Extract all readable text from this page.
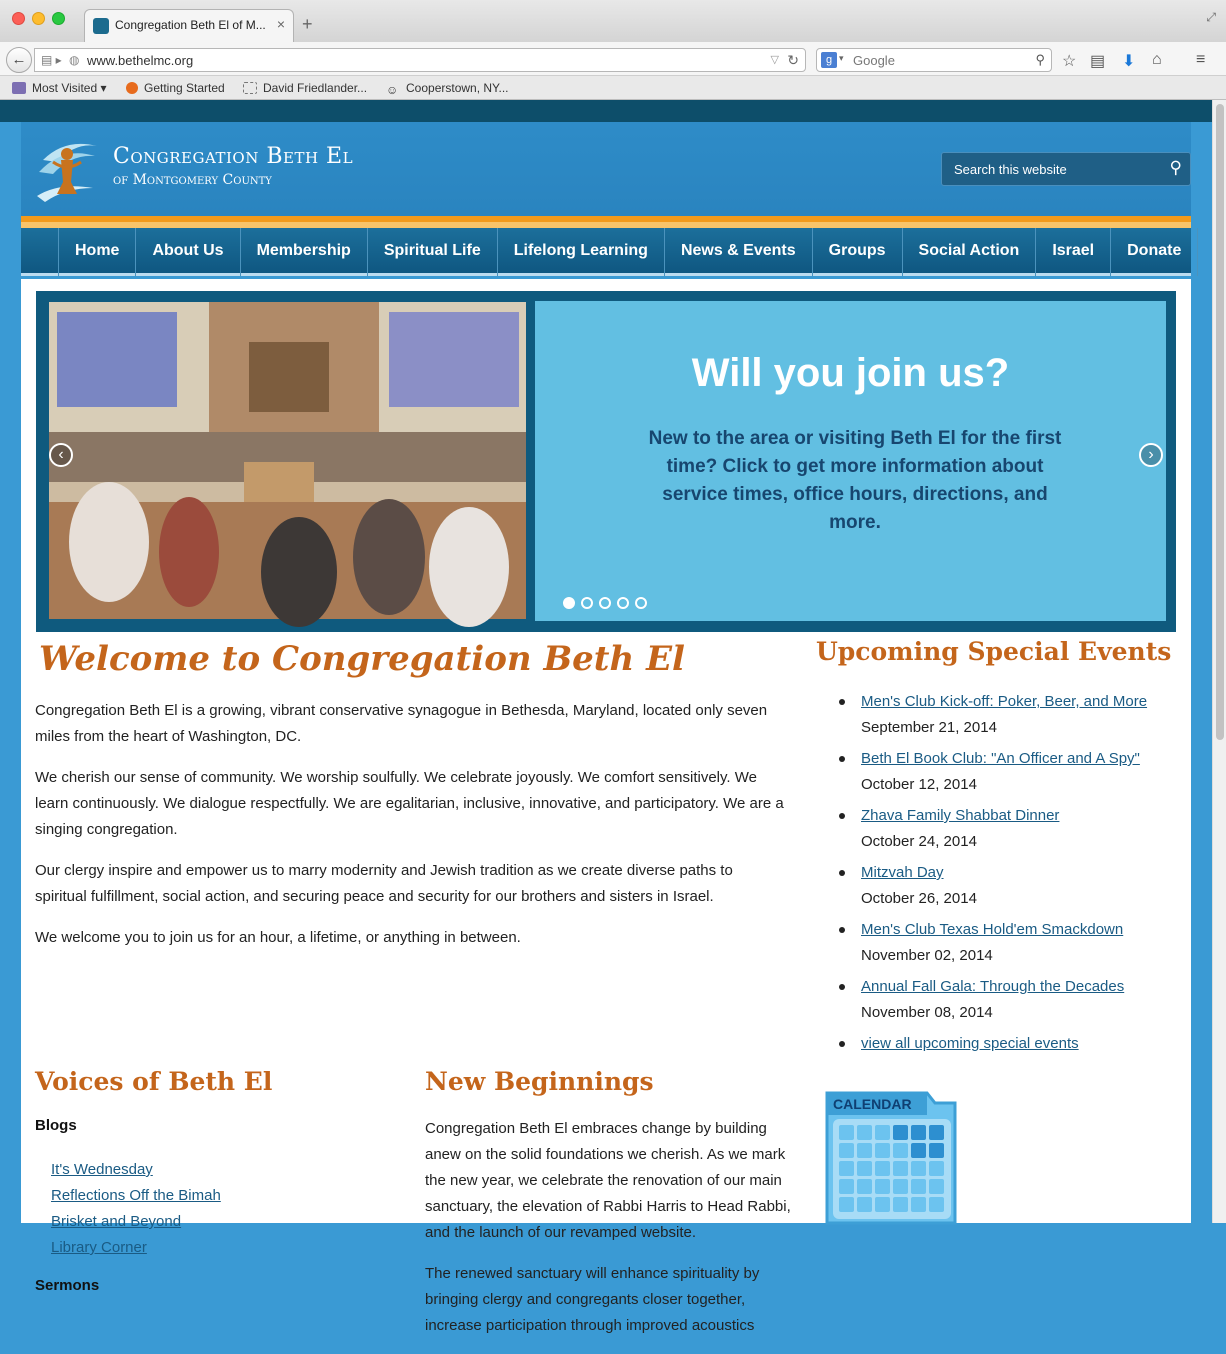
Congregation Beth El of M... × +	⤢
▤ ▸ ◍ www.bethelmc.org	▽ ↻
←	g ▾ Google	⚲ ☆ ▤ ⬇ ⌂ ≡
Most Visited ▾	Getting Started	David Friedlander... ☺ Cooperstown, NY...
Congregation Beth El
of Montgomery County
Search this website	⚲
Home	About Us	Membership	Spiritual Life	Lifelong Learning	News & Events	Groups	Social Action	Israel	Donate
Will you join us?
New to the area or visiting Beth El for the first time? Click to get more information about service times, office hours, directions, and more.
‹	›
Welcome to Congregation Beth El

Congregation Beth El is a growing, vibrant conservative synagogue in Bethesda, Maryland, located only seven miles from the heart of Washington, DC.

We cherish our sense of community. We worship soulfully. We celebrate joyously. We comfort sensitively. We learn continuously. We dialogue respectfully. We are egalitarian, inclusive, innovative, and participatory. We are a singing congregation.

Our clergy inspire and empower us to marry modernity and Jewish tradition as we create diverse paths to spiritual fulfillment, social action, and securing peace and security for our brothers and sisters in Israel.

We welcome you to join us for an hour, a lifetime, or anything in between.

Voices of Beth El
Blogs
It's Wednesday
Reflections Off the Bimah
Brisket and Beyond
Library Corner
Sermons
New Beginnings

Congregation Beth El embraces change by building anew on the solid foundations we cherish. As we mark the new year, we celebrate the renovation of our main sanctuary, the elevation of Rabbi Harris to Head Rabbi, and the launch of our revamped website.

The renewed sanctuary will enhance spirituality by bringing clergy and congregants closer together, increase participation through improved acoustics

Upcoming Special Events
Men's Club Kick-off: Poker, Beer, and More
September 21, 2014
Beth El Book Club: "An Officer and A Spy"
October 12, 2014
Zhava Family Shabbat Dinner
October 24, 2014
Mitzvah Day
October 26, 2014
Men's Club Texas Hold'em Smackdown
November 02, 2014
Annual Fall Gala: Through the Decades
November 08, 2014
view all upcoming special events
CALENDAR
